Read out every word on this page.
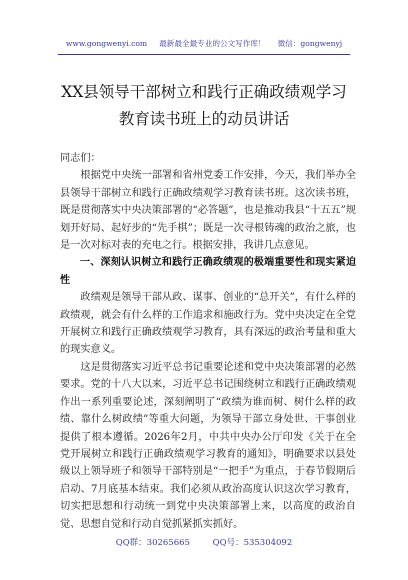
www.gongwenyi.com 最新最全最专业的公文写作库！ 微信：gongwenyj
XX县领导干部树立和践行正确政绩观学习
教育读书班上的动员讲话

同志们：

根据党中央统一部署和省州党委工作安排，今天，我们举办全县领导干部树立和践行正确政绩观学习教育读书班。这次读书班，既是贯彻落实中央决策部署的“必答题”，也是推动我县“十五五”规划开好局、起好步的“先手棋”；既是一次寻根铸魂的政治之旅，也是一次对标对表的充电之行。根据安排，我讲几点意见。

一、深刻认识树立和践行正确政绩观的极端重要性和现实紧迫性

政绩观是领导干部从政、谋事、创业的“总开关”，有什么样的政绩观，就会有什么样的工作追求和施政行为。党中央决定在全党开展树立和践行正确政绩观学习教育，具有深远的政治考量和重大的现实意义。

这是贯彻落实习近平总书记重要论述和党中央决策部署的必然要求。党的十八大以来，习近平总书记围绕树立和践行正确政绩观作出一系列重要论述，深刻阐明了“政绩为谁而树、树什么样的政绩、靠什么树政绩”等重大问题，为领导干部立身处世、干事创业提供了根本遵循。2026年2月，中共中央办公厅印发《关于在全党开展树立和践行正确政绩观学习教育的通知》，明确要求以县处级以上领导班子和领导干部特别是“一把手”为重点，于春节假期后启动、7月底基本结束。我们必须从政治高度认识这次学习教育，切实把思想和行动统一到党中央决策部署上来，以高度的政治自觉、思想自觉和行动自觉抓紧抓实抓好。

QQ群：30265665	QQ号：535304092
